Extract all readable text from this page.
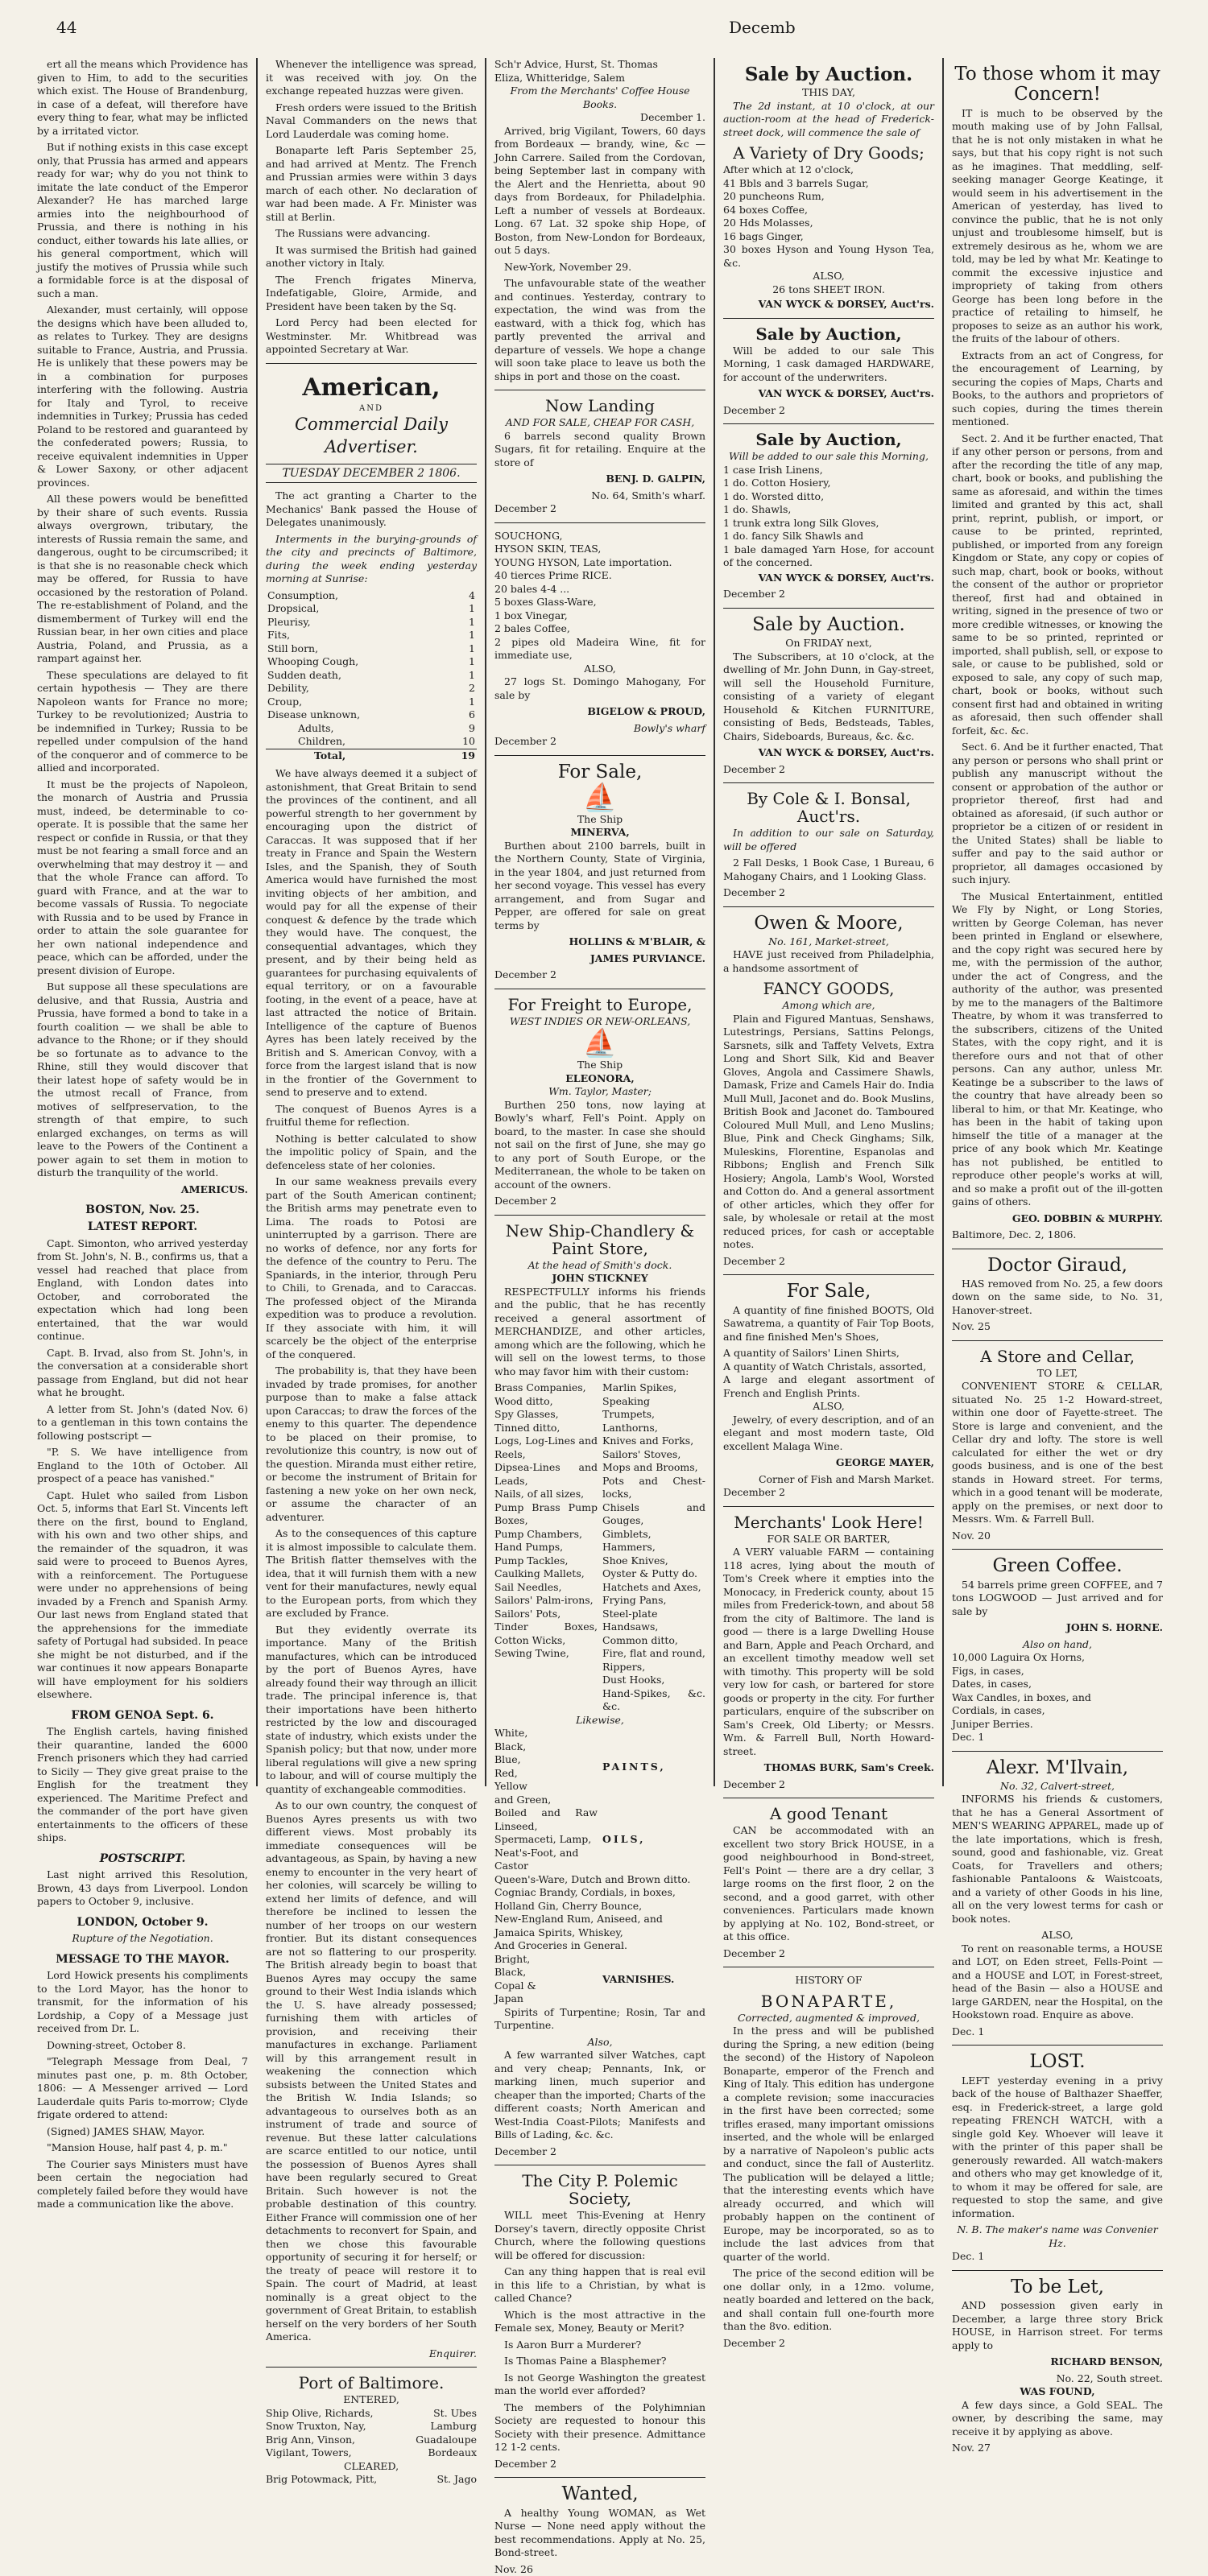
44	Decemb

ert all the means which Providence has given to Him, to add to the securities which exist. The House of Brandenburg, in case of a defeat, will therefore have every thing to fear, what may be inflicted by a irritated victor.

But if nothing exists in this case except only, that Prussia has armed and appears ready for war; why do you not think to imitate the late conduct of the Emperor Alexander? He has marched large armies into the neighbourhood of Prussia, and there is nothing in his conduct, either towards his late allies, or his general comportment, which will justify the motives of Prussia while such a formidable force is at the disposal of such a man.

Alexander, must certainly, will oppose the designs which have been alluded to, as relates to Turkey. They are designs suitable to France, Austria, and Prussia. He is unlikely that these powers may be in a combination for purposes interfering with the following. Austria for Italy and Tyrol, to receive indemnities in Turkey; Prussia has ceded Poland to be restored and guaranteed by the confederated powers; Russia, to receive equivalent indemnities in Upper & Lower Saxony, or other adjacent provinces.

All these powers would be benefitted by their share of such events. Russia always overgrown, tributary, the interests of Russia remain the same, and dangerous, ought to be circumscribed; it is that she is no reasonable check which may be offered, for Russia to have occasioned by the restoration of Poland. The re-establishment of Poland, and the dismemberment of Turkey will end the Russian bear, in her own cities and place Austria, Poland, and Prussia, as a rampart against her.

These speculations are delayed to fit certain hypothesis — They are there Napoleon wants for France no more; Turkey to be revolutionized; Austria to be indemnified in Turkey; Russia to be repelled under compulsion of the hand of the conqueror and of commerce to be allied and incorporated.

It must be the projects of Napoleon, the monarch of Austria and Prussia must, indeed, be determinable to co-operate. It is possible that the same her respect or confide in Russia, or that they must be not fearing a small force and an overwhelming that may destroy it — and that the whole France can afford. To guard with France, and at the war to become vassals of Russia. To negociate with Russia and to be used by France in order to attain the sole guarantee for her own national independence and peace, which can be afforded, under the present division of Europe.

But suppose all these speculations are delusive, and that Russia, Austria and Prussia, have formed a bond to take in a fourth coalition — we shall be able to advance to the Rhone; or if they should be so fortunate as to advance to the Rhine, still they would discover that their latest hope of safety would be in the utmost recall of France, from motives of selfpreservation, to the strength of that empire, to such enlarged exchanges, on terms as will leave to the Powers of the Continent a power again to set them in motion to disturb the tranquility of the world.

AMERICUS.
BOSTON, Nov. 25.
LATEST REPORT.

Capt. Simonton, who arrived yesterday from St. John's, N. B., confirms us, that a vessel had reached that place from England, with London dates into October, and corroborated the expectation which had long been entertained, that the war would continue.

Capt. B. Irvad, also from St. John's, in the conversation at a considerable short passage from England, but did not hear what he brought.

A letter from St. John's (dated Nov. 6) to a gentleman in this town contains the following postscript —

"P. S. We have intelligence from England to the 10th of October. All prospect of a peace has vanished."

Capt. Hulet who sailed from Lisbon Oct. 5, informs that Earl St. Vincents left there on the first, bound to England, with his own and two other ships, and the remainder of the squadron, it was said were to proceed to Buenos Ayres, with a reinforcement. The Portuguese were under no apprehensions of being invaded by a French and Spanish Army. Our last news from England stated that the apprehensions for the immediate safety of Portugal had subsided. In peace she might be not disturbed, and if the war continues it now appears Bonaparte will have employment for his soldiers elsewhere.

FROM GENOA Sept. 6.

The English cartels, having finished their quarantine, landed the 6000 French prisoners which they had carried to Sicily — They give great praise to the English for the treatment they experienced. The Maritime Prefect and the commander of the port have given entertainments to the officers of these ships.

POSTSCRIPT.

Last night arrived this Resolution, Brown, 43 days from Liverpool. London papers to October 9, inclusive.

LONDON, October 9.
Rupture of the Negotiation.
MESSAGE TO THE MAYOR.

Lord Howick presents his compliments to the Lord Mayor, has the honor to transmit, for the information of his Lordship, a Copy of a Message just received from Dr. L.

Downing-street, October 8.

"Telegraph Message from Deal, 7 minutes past one, p. m. 8th October, 1806: — A Messenger arrived — Lord Lauderdale quits Paris to-morrow; Clyde frigate ordered to attend:

(Signed) JAMES SHAW, Mayor.

"Mansion House, half past 4, p. m."

The Courier says Ministers must have been certain the negociation had completely failed before they would have made a communication like the above.

Whenever the intelligence was spread, it was received with joy. On the exchange repeated huzzas were given.

Fresh orders were issued to the British Naval Commanders on the news that Lord Lauderdale was coming home.

Bonaparte left Paris September 25, and had arrived at Mentz. The French and Prussian armies were within 3 days march of each other. No declaration of war had been made. A Fr. Minister was still at Berlin.

The Russians were advancing.

It was surmised the British had gained another victory in Italy.

The French frigates Minerva, Indefatigable, Gloire, Armide, and President have been taken by the Sq.

Lord Percy had been elected for Westminster. Mr. Whitbread was appointed Secretary at War.

American,
AND
Commercial Daily Advertiser.
TUESDAY DECEMBER 2 1806.

The act granting a Charter to the Mechanics' Bank passed the House of Delegates unanimously.

Interments in the burying-grounds of the city and precincts of Baltimore, during the week ending yesterday morning at Sunrise:

Consumption,	4
Dropsical,	1
Pleurisy,	1
Fits,	1
Still born,	1
Whooping Cough,	1
Sudden death,	1
Debility,	2
Croup,	1
Disease unknown,	6
Adults,	9
Children,	10
Total,	19

We have always deemed it a subject of astonishment, that Great Britain to send the provinces of the continent, and all powerful strength to her government by encouraging upon the district of Caraccas. It was supposed that if her treaty in France and Spain the Western Isles, and the Spanish, they of South America would have furnished the most inviting objects of her ambition, and would pay for all the expense of their conquest & defence by the trade which they would have. The conquest, the consequential advantages, which they present, and by their being held as guarantees for purchasing equivalents of equal territory, or on a favourable footing, in the event of a peace, have at last attracted the notice of Britain. Intelligence of the capture of Buenos Ayres has been lately received by the British and S. American Convoy, with a force from the largest island that is now in the frontier of the Government to send to preserve and to extend.

The conquest of Buenos Ayres is a fruitful theme for reflection.

Nothing is better calculated to show the impolitic policy of Spain, and the defenceless state of her colonies.

In our same weakness prevails every part of the South American continent; the British arms may penetrate even to Lima. The roads to Potosi are uninterrupted by a garrison. There are no works of defence, nor any forts for the defence of the country to Peru. The Spaniards, in the interior, through Peru to Chili, to Grenada, and to Caraccas. The professed object of the Miranda expedition was to produce a revolution. If they associate with him, it will scarcely be the object of the enterprise of the conquered.

The probability is, that they have been invaded by trade promises, for another purpose than to make a false attack upon Caraccas; to draw the forces of the enemy to this quarter. The dependence to be placed on their promise, to revolutionize this country, is now out of the question. Miranda must either retire, or become the instrument of Britain for fastening a new yoke on her own neck, or assume the character of an adventurer.

As to the consequences of this capture it is almost impossible to calculate them. The British flatter themselves with the idea, that it will furnish them with a new vent for their manufactures, newly equal to the European ports, from which they are excluded by France.

But they evidently overrate its importance. Many of the British manufactures, which can be introduced by the port of Buenos Ayres, have already found their way through an illicit trade. The principal inference is, that their importations have been hitherto restricted by the low and discouraged state of industry, which exists under the Spanish policy; but that now, under more liberal regulations will give a new spring to labour, and will of course multiply the quantity of exchangeable commodities.

As to our own country, the conquest of Buenos Ayres presents us with two different views. Most probably its immediate consequences will be advantageous, as Spain, by having a new enemy to encounter in the very heart of her colonies, will scarcely be willing to extend her limits of defence, and will therefore be inclined to lessen the number of her troops on our western frontier. But its distant consequences are not so flattering to our prosperity. The British already begin to boast that Buenos Ayres may occupy the same ground to their West India islands which the U. S. have already possessed; furnishing them with articles of provision, and receiving their manufactures in exchange. Parliament will by this arrangement result in weakening the connection which subsists between the United States and the British W. India Islands; so advantageous to ourselves both as an instrument of trade and source of revenue. But these latter calculations are scarce entitled to our notice, until the possession of Buenos Ayres shall have been regularly secured to Great Britain. Such however is not the probable destination of this country. Either France will commission one of her detachments to reconvert for Spain, and then we chose this favourable opportunity of securing it for herself; or the treaty of peace will restore it to Spain. The court of Madrid, at least nominally is a great object to the government of Great Britain, to establish herself on the very borders of her South America.

Enquirer.
Port of Baltimore.
ENTERED,
Ship Olive, Richards,	St. Ubes
Snow Truxton, Nay,	Lamburg
Brig Ann, Vinson,	Guadaloupe
Vigilant, Towers,	Bordeaux
CLEARED,
Brig Potowmack, Pitt,	St. Jago
Sch'r Advice, Hurst, St. Thomas
Eliza, Whitteridge, Salem
From the Merchants' Coffee House Books.
December 1.

Arrived, brig Vigilant, Towers, 60 days from Bordeaux — brandy, wine, &c — John Carrere. Sailed from the Cordovan, being September last in company with the Alert and the Henrietta, about 90 days from Bordeaux, for Philadelphia. Left a number of vessels at Bordeaux. Long. 67 Lat. 32 spoke ship Hope, of Boston, from New-London for Bordeaux, out 5 days.

New-York, November 29.

The unfavourable state of the weather and continues. Yesterday, contrary to expectation, the wind was from the eastward, with a thick fog, which has partly prevented the arrival and departure of vessels. We hope a change will soon take place to leave us both the ships in port and those on the coast.

Now Landing
AND FOR SALE, CHEAP FOR CASH,

6 barrels second quality Brown Sugars, fit for retailing. Enquire at the store of

BENJ. D. GALPIN,
No. 64, Smith's wharf.
December 2
SOUCHONG,
HYSON SKIN, TEAS,
YOUNG HYSON, Late importation.
40 tierces Prime RICE.
20 bales 4-4 ...
5 boxes Glass-Ware,
1 box Vinegar,
2 bales Coffee,
2 pipes old Madeira Wine, fit for immediate use,
ALSO,

27 logs St. Domingo Mahogany, For sale by

BIGELOW & PROUD,
Bowly's wharf
December 2
For Sale,
⛵
The Ship
MINERVA,

Burthen about 2100 barrels, built in the Northern County, State of Virginia, in the year 1804, and just returned from her second voyage. This vessel has every arrangement, and from Sugar and Pepper, are offered for sale on great terms by

HOLLINS & M'BLAIR, &
JAMES PURVIANCE.
December 2
For Freight to Europe,
WEST INDIES OR NEW-ORLEANS,
⛵
The Ship
ELEONORA,
Wm. Taylor, Master;

Burthen 250 tons, now laying at Bowly's wharf, Fell's Point. Apply on board, to the master. In case she should not sail on the first of June, she may go to any port of South Europe, or the Mediterranean, the whole to be taken on account of the owners.

December 2
New Ship-Chandlery & Paint Store,
At the head of Smith's dock.
JOHN STICKNEY

RESPECTFULLY informs his friends and the public, that he has recently received a general assortment of MERCHANDIZE, and other articles, among which are the following, which he will sell on the lowest terms, to those who may favor him with their custom:

Brass Companies,
Wood ditto,
Spy Glasses,
Tinned ditto,
Logs, Log-Lines and Reels,
Dipsea-Lines and Leads,
Nails, of all sizes,
Pump Brass Pump Boxes,
Pump Chambers,
Hand Pumps,
Pump Tackles,
Caulking Mallets,
Sail Needles,
Sailors' Palm-irons,
Sailors' Pots,
Tinder Boxes, Cotton Wicks,
Sewing Twine,
Marlin Spikes,
Speaking Trumpets,
Lanthorns,
Knives and Forks,
Sailors' Stoves,
Mops and Brooms,
Pots and Chest-locks,
Chisels and Gouges,
Gimblets,
Hammers,
Shoe Knives,
Oyster & Putty do.
Hatchets and Axes,
Frying Pans,
Steel-plate Handsaws,
Common ditto,
Fire, flat and round,
Rippers,
Dust Hooks,
Hand-Spikes, &c. &c.
Likewise,
White,
Black,
Blue,
Red,
Yellow
and Green,
PAINTS,
Boiled and Raw Linseed,
Spermaceti, Lamp,
Neat's-Foot, and
Castor
OILS,
Queen's-Ware, Dutch and Brown ditto.
Cogniac Brandy, Cordials, in boxes,
Holland Gin, Cherry Bounce,
New-England Rum, Aniseed, and
Jamaica Spirits, Whiskey,
And Groceries in General.
Bright,
Black,
Copal &
Japan
VARNISHES.

Spirits of Turpentine; Rosin, Tar and Turpentine.

Also,

A few warranted silver Watches, capt and very cheap; Pennants, Ink, or marking linen, much superior and cheaper than the imported; Charts of the different coasts; North American and West-India Coast-Pilots; Manifests and Bills of Lading, &c. &c.

December 2
The City P. Polemic Society,

WILL meet This-Evening at Henry Dorsey's tavern, directly opposite Christ Church, where the following questions will be offered for discussion:

Can any thing happen that is real evil in this life to a Christian, by what is called Chance?

Which is the most attractive in the Female sex, Money, Beauty or Merit?

Is Aaron Burr a Murderer?

Is Thomas Paine a Blasphemer?

Is not George Washington the greatest man the world ever afforded?

The members of the Polyhimnian Society are requested to honour this Society with their presence. Admittance 12 1-2 cents.

December 2
Wanted,

A healthy Young WOMAN, as Wet Nurse — None need apply without the best recommendations. Apply at No. 25, Bond-street.

Nov. 26
Sale by Auction.
THIS DAY,

The 2d instant, at 10 o'clock, at our auction-room at the head of Frederick-street dock, will commence the sale of

A Variety of Dry Goods;
After which at 12 o'clock,
41 Bbls and 3 barrels Sugar,
20 puncheons Rum,
64 boxes Coffee,
20 Hds Molasses,
16 bags Ginger,
30 boxes Hyson and Young Hyson Tea, &c.
ALSO,
26 tons SHEET IRON.
VAN WYCK & DORSEY, Auct'rs.
Sale by Auction,

Will be added to our sale This Morning, 1 cask damaged HARDWARE, for account of the underwriters.

VAN WYCK & DORSEY, Auct'rs.
December 2
Sale by Auction,
Will be added to our sale this Morning,
1 case Irish Linens,
1 do. Cotton Hosiery,
1 do. Worsted ditto,
1 do. Shawls,
1 trunk extra long Silk Gloves,
1 do. fancy Silk Shawls and
1 bale damaged Yarn Hose, for account of the concerned.
VAN WYCK & DORSEY, Auct'rs.
December 2
Sale by Auction.
On FRIDAY next,

The Subscribers, at 10 o'clock, at the dwelling of Mr. John Dunn, in Gay-street, will sell the Household Furniture, consisting of a variety of elegant Household & Kitchen FURNITURE, consisting of Beds, Bedsteads, Tables, Chairs, Sideboards, Bureaus, &c. &c.

VAN WYCK & DORSEY, Auct'rs.
December 2
By Cole & I. Bonsal, Auct'rs.

In addition to our sale on Saturday, will be offered

2 Fall Desks, 1 Book Case, 1 Bureau, 6 Mahogany Chairs, and 1 Looking Glass.

December 2
Owen & Moore,
No. 161, Market-street,

HAVE just received from Philadelphia, a handsome assortment of

FANCY GOODS,
Among which are,

Plain and Figured Mantuas, Senshaws, Lutestrings, Persians, Sattins Pelongs, Sarsnets, silk and Taffety Velvets, Extra Long and Short Silk, Kid and Beaver Gloves, Angola and Cassimere Shawls, Damask, Frize and Camels Hair do. India Mull Mull, Jaconet and do. Book Muslins, British Book and Jaconet do. Tamboured Coloured Mull Mull, and Leno Muslins; Blue, Pink and Check Ginghams; Silk, Muleskins, Florentine, Espanolas and Ribbons; English and French Silk Hosiery; Angola, Lamb's Wool, Worsted and Cotton do. And a general assortment of other articles, which they offer for sale, by wholesale or retail at the most reduced prices, for cash or acceptable notes.

December 2
For Sale,

A quantity of fine finished BOOTS, Old Sawatrema, a quantity of Fair Top Boots, and fine finished Men's Shoes,

A quantity of Sailors' Linen Shirts,
A quantity of Watch Christals, assorted,
A large and elegant assortment of French and English Prints.
ALSO,

Jewelry, of every description, and of an elegant and most modern taste, Old excellent Malaga Wine.

GEORGE MAYER,
Corner of Fish and Marsh Market.
December 2
Merchants' Look Here!
FOR SALE OR BARTER,

A VERY valuable FARM — containing 118 acres, lying about the mouth of Tom's Creek where it empties into the Monocacy, in Frederick county, about 15 miles from Frederick-town, and about 58 from the city of Baltimore. The land is good — there is a large Dwelling House and Barn, Apple and Peach Orchard, and an excellent timothy meadow well set with timothy. This property will be sold very low for cash, or bartered for store goods or property in the city. For further particulars, enquire of the subscriber on Sam's Creek, Old Liberty; or Messrs. Wm. & Farrell Bull, North Howard-street.

THOMAS BURK, Sam's Creek.
December 2
A good Tenant

CAN be accommodated with an excellent two story Brick HOUSE, in a good neighbourhood in Bond-street, Fell's Point — there are a dry cellar, 3 large rooms on the first floor, 2 on the second, and a good garret, with other conveniences. Particulars made known by applying at No. 102, Bond-street, or at this office.

December 2
HISTORY OF
BONAPARTE,
Corrected, augmented & improved,

In the press and will be published during the Spring, a new edition (being the second) of the History of Napoleon Bonaparte, emperor of the French and King of Italy. This edition has undergone a complete revision; some inaccuracies in the first have been corrected; some trifles erased, many important omissions inserted, and the whole will be enlarged by a narrative of Napoleon's public acts and conduct, since the fall of Austerlitz. The publication will be delayed a little; that the interesting events which have already occurred, and which will probably happen on the continent of Europe, may be incorporated, so as to include the last advices from that quarter of the world.

The price of the second edition will be one dollar only, in a 12mo. volume, neatly boarded and lettered on the back, and shall contain full one-fourth more than the 8vo. edition.

December 2
To those whom it may Concern!

IT is much to be observed by the mouth making use of by John Fallsal, that he is not only mistaken in what he says, but that his copy right is not such as he imagines. That meddling, self-seeking manager George Keatinge, it would seem in his advertisement in the American of yesterday, has lived to convince the public, that he is not only unjust and troublesome himself, but is extremely desirous as he, whom we are told, may be led by what Mr. Keatinge to commit the excessive injustice and impropriety of taking from others George has been long before in the practice of retailing to himself, he proposes to seize as an author his work, the fruits of the labour of others.

Extracts from an act of Congress, for the encouragement of Learning, by securing the copies of Maps, Charts and Books, to the authors and proprietors of such copies, during the times therein mentioned.

Sect. 2. And it be further enacted, That if any other person or persons, from and after the recording the title of any map, chart, book or books, and publishing the same as aforesaid, and within the times limited and granted by this act, shall print, reprint, publish, or import, or cause to be printed, reprinted, published, or imported from any foreign Kingdom or State, any copy or copies of such map, chart, book or books, without the consent of the author or proprietor thereof, first had and obtained in writing, signed in the presence of two or more credible witnesses, or knowing the same to be so printed, reprinted or imported, shall publish, sell, or expose to sale, or cause to be published, sold or exposed to sale, any copy of such map, chart, book or books, without such consent first had and obtained in writing as aforesaid, then such offender shall forfeit, &c. &c.

Sect. 6. And be it further enacted, That any person or persons who shall print or publish any manuscript without the consent or approbation of the author or proprietor thereof, first had and obtained as aforesaid, (if such author or proprietor be a citizen of or resident in the United States) shall be liable to suffer and pay to the said author or proprietor, all damages occasioned by such injury.

The Musical Entertainment, entitled We Fly by Night, or Long Stories, written by George Coleman, has never been printed in England or elsewhere, and the copy right was secured here by me, with the permission of the author, under the act of Congress, and the authority of the author, was presented by me to the managers of the Baltimore Theatre, by whom it was transferred to the subscribers, citizens of the United States, with the copy right, and it is therefore ours and not that of other persons. Can any author, unless Mr. Keatinge be a subscriber to the laws of the country that have already been so liberal to him, or that Mr. Keatinge, who has been in the habit of taking upon himself the title of a manager at the price of any book which Mr. Keatinge has not published, be entitled to reproduce other people's works at will, and so make a profit out of the ill-gotten gains of others.

GEO. DOBBIN & MURPHY.
Baltimore, Dec. 2, 1806.
Doctor Giraud,

HAS removed from No. 25, a few doors down on the same side, to No. 31, Hanover-street.

Nov. 25
A Store and Cellar,
TO LET,

CONVENIENT STORE & CELLAR, situated No. 25 1-2 Howard-street, within one door of Fayette-street. The Store is large and convenient, and the Cellar dry and lofty. The store is well calculated for either the wet or dry goods business, and is one of the best stands in Howard street. For terms, which in a good tenant will be moderate, apply on the premises, or next door to Messrs. Wm. & Farrell Bull.

Nov. 20
Green Coffee.

54 barrels prime green COFFEE, and 7 tons LOGWOOD — Just arrived and for sale by

JOHN S. HORNE.
Also on hand,
10,000 Laguira Ox Horns,
Figs, in cases,
Dates, in cases,
Wax Candles, in boxes, and
Cordials, in cases,
Juniper Berries.
Dec. 1
Alexr. M'Ilvain,
No. 32, Calvert-street,

INFORMS his friends & customers, that he has a General Assortment of MEN'S WEARING APPAREL, made up of the late importations, which is fresh, sound, good and fashionable, viz. Great Coats, for Travellers and others; fashionable Pantaloons & Waistcoats, and a variety of other Goods in his line, all on the very lowest terms for cash or book notes.

ALSO,

To rent on reasonable terms, a HOUSE and LOT, on Eden street, Fells-Point — and a HOUSE and LOT, in Forest-street, head of the Basin — also a HOUSE and large GARDEN, near the Hospital, on the Hookstown road. Enquire as above.

Dec. 1
LOST.

LEFT yesterday evening in a privy back of the house of Balthazer Shaeffer, esq. in Frederick-street, a large gold repeating FRENCH WATCH, with a single gold Key. Whoever will leave it with the printer of this paper shall be generously rewarded. All watch-makers and others who may get knowledge of it, to whom it may be offered for sale, are requested to stop the same, and give information.

N. B. The maker's name was Convenier Hz.
Dec. 1
To be Let,

AND possession given early in December, a large three story Brick HOUSE, in Harrison street. For terms apply to

RICHARD BENSON,
No. 22, South street.
WAS FOUND,

A few days since, a Gold SEAL. The owner, by describing the same, may receive it by applying as above.

Nov. 27
